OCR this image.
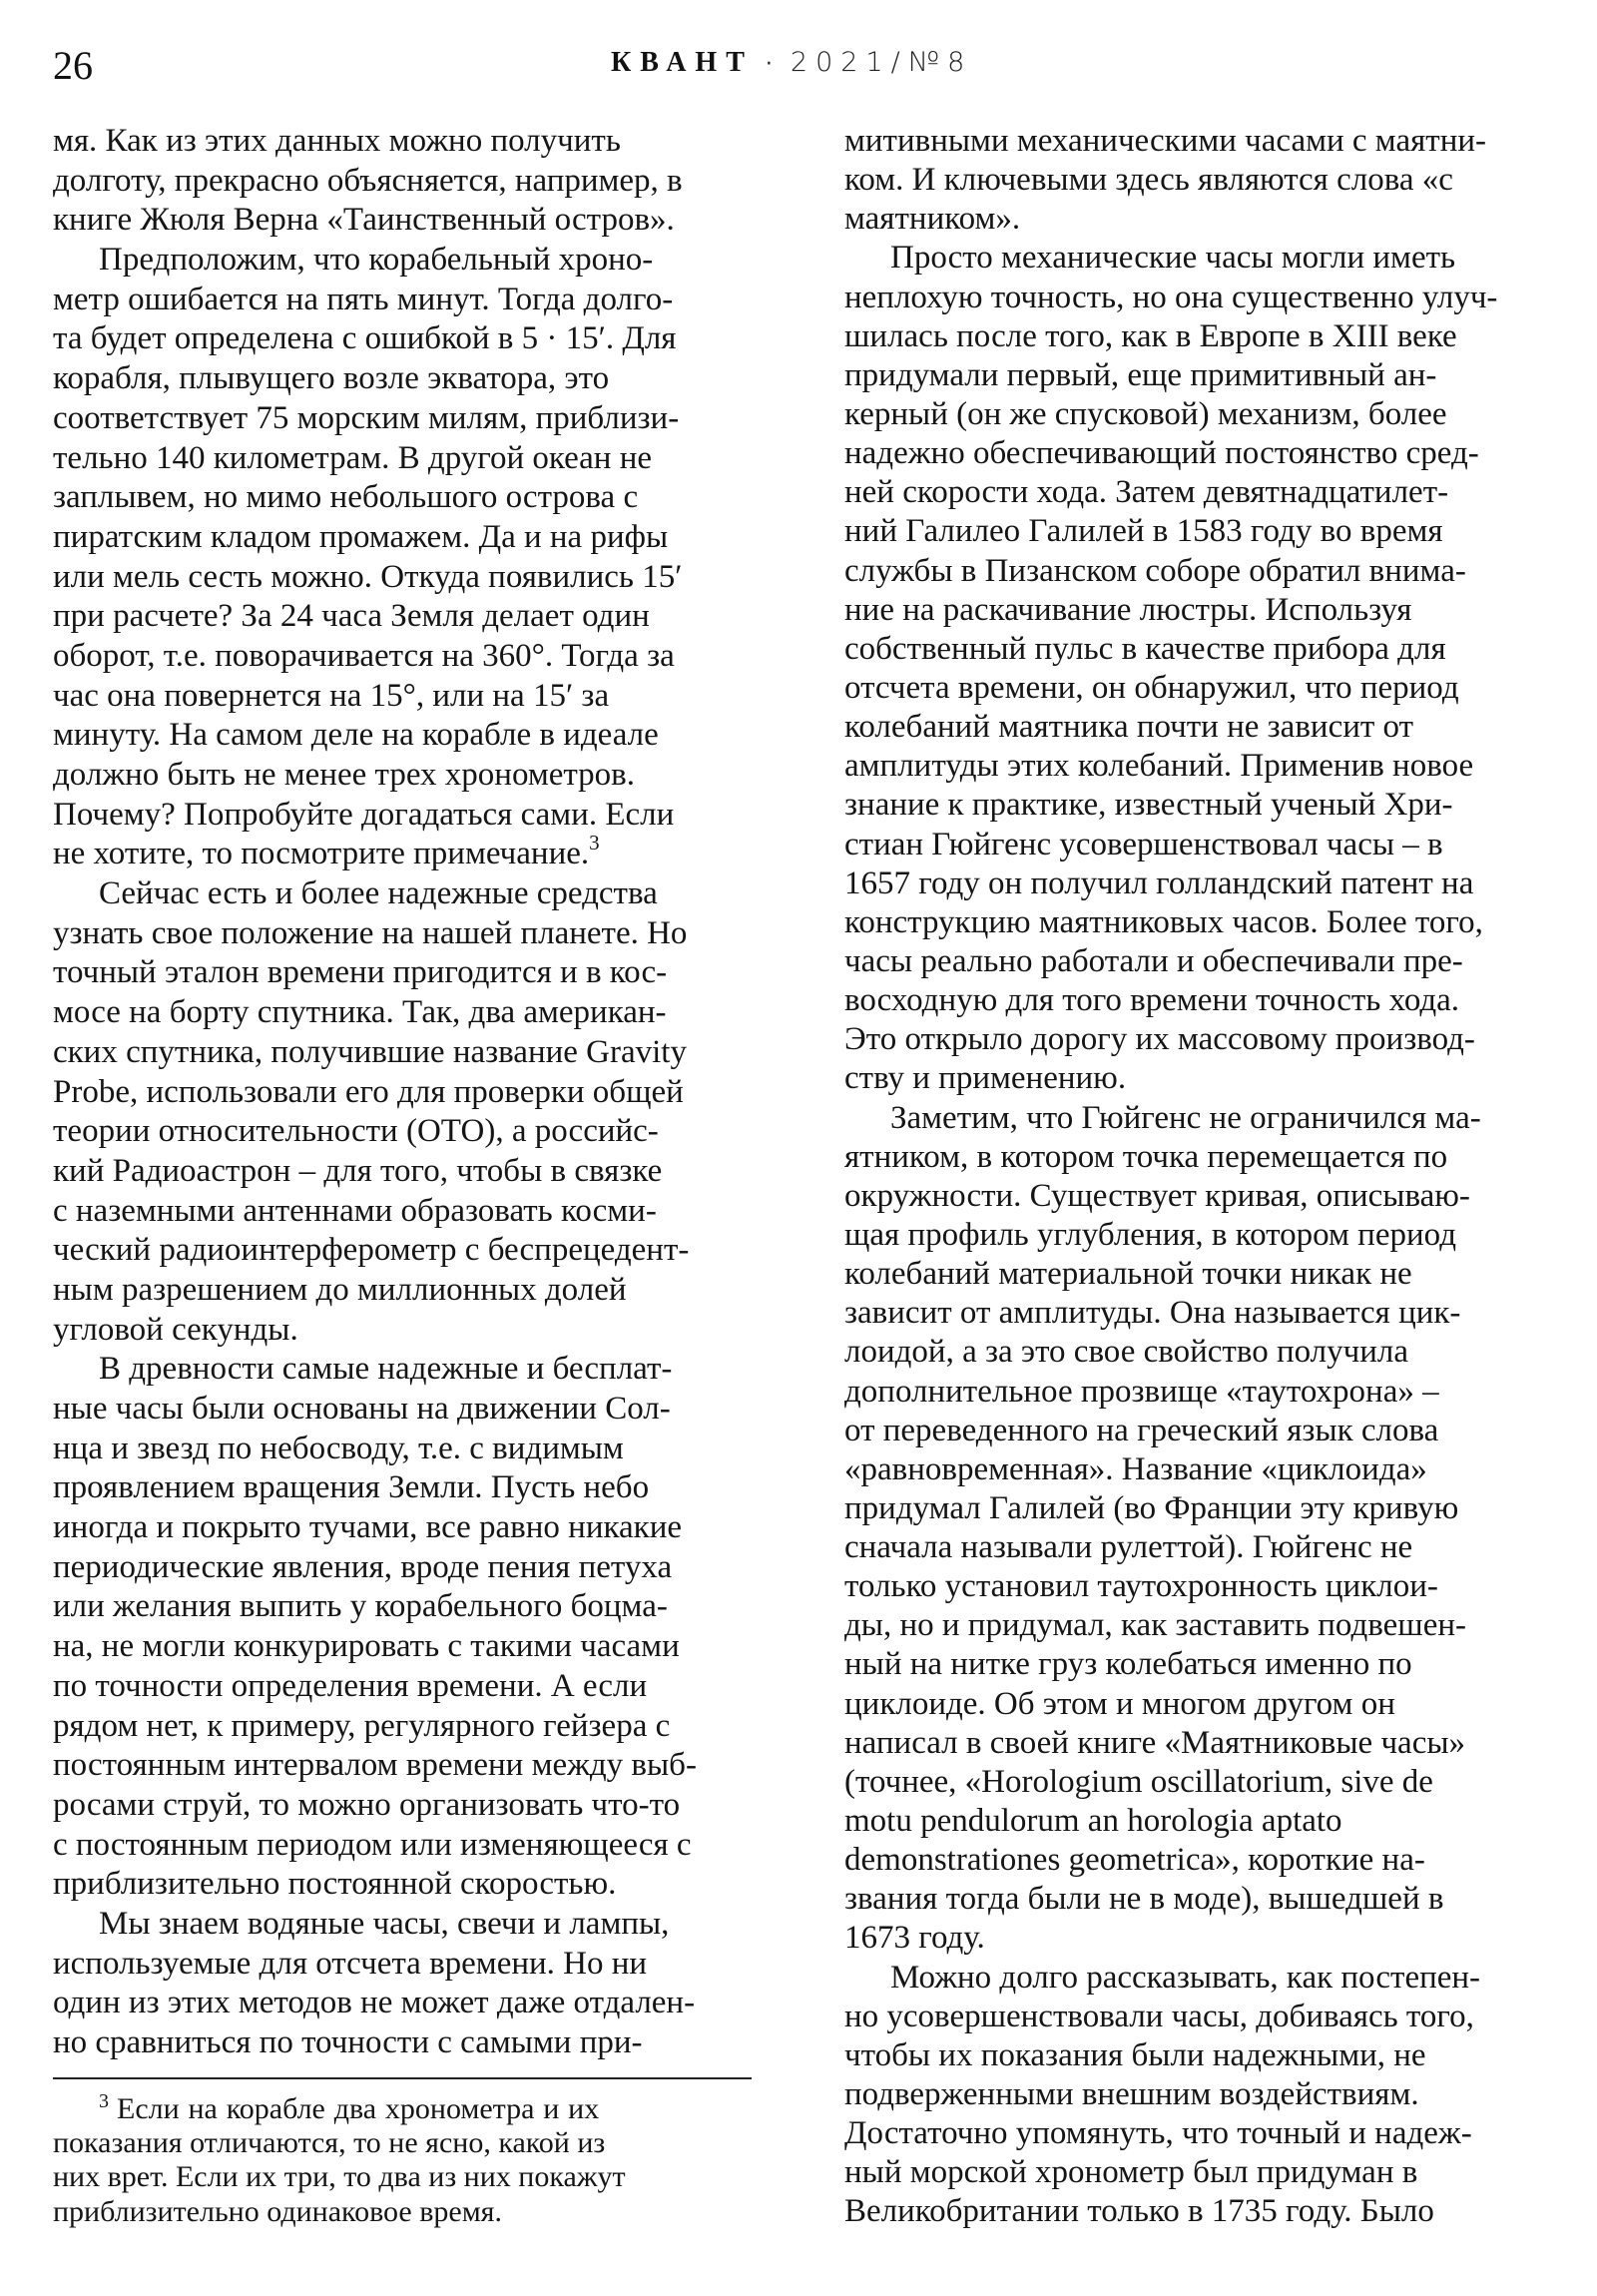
26	КВАНТ · 2021/№8
мя. Как из этих данных можно получить
долготу, прекрасно объясняется, например, в
книге Жюля Верна «Таинственный остров».
Предположим, что корабельный хроно-
метр ошибается на пять минут. Тогда долго-
та будет определена с ошибкой в 5 · 15′. Для
корабля, плывущего возле экватора, это
соответствует 75 морским милям, приблизи-
тельно 140 километрам. В другой океан не
заплывем, но мимо небольшого острова с
пиратским кладом промажем. Да и на рифы
или мель сесть можно. Откуда появились 15′
при расчете? За 24 часа Земля делает один
оборот, т.е. поворачивается на 360°. Тогда за
час она повернется на 15°, или на 15′ за
минуту. На самом деле на корабле в идеале
должно быть не менее трех хронометров.
Почему? Попробуйте догадаться сами. Если
не хотите, то посмотрите примечание.$^3$
Сейчас есть и более надежные средства
узнать свое положение на нашей планете. Но
точный эталон времени пригодится и в кос-
мосе на борту спутника. Так, два американ-
ских спутника, получившие название Gravity
Probe, использовали его для проверки общей
теории относительности (ОТО), а российс-
кий Радиоастрон – для того, чтобы в связке
с наземными антеннами образовать косми-
ческий радиоинтерферометр с беспрецедент-
ным разрешением до миллионных долей
угловой секунды.
В древности самые надежные и бесплат-
ные часы были основаны на движении Сол-
нца и звезд по небосводу, т.е. с видимым
проявлением вращения Земли. Пусть небо
иногда и покрыто тучами, все равно никакие
периодические явления, вроде пения петуха
или желания выпить у корабельного боцма-
на, не могли конкурировать с такими часами
по точности определения времени. А если
рядом нет, к примеру, регулярного гейзера с
постоянным интервалом времени между выб-
росами струй, то можно организовать что-то
с постоянным периодом или изменяющееся с
приблизительно постоянной скоростью.
Мы знаем водяные часы, свечи и лампы,
используемые для отсчета времени. Но ни
один из этих методов не может даже отдален-
но сравниться по точности с самыми при-
митивными механическими часами с маятни-
ком. И ключевыми здесь являются слова «с
маятником».
Просто механические часы могли иметь
неплохую точность, но она существенно улуч-
шилась после того, как в Европе в XIII веке
придумали первый, еще примитивный ан-
керный (он же спусковой) механизм, более
надежно обеспечивающий постоянство сред-
ней скорости хода. Затем девятнадцатилет-
ний Галилео Галилей в 1583 году во время
службы в Пизанском соборе обратил внима-
ние на раскачивание люстры. Используя
собственный пульс в качестве прибора для
отсчета времени, он обнаружил, что период
колебаний маятника почти не зависит от
амплитуды этих колебаний. Применив новое
знание к практике, известный ученый Хри-
стиан Гюйгенс усовершенствовал часы – в
1657 году он получил голландский патент на
конструкцию маятниковых часов. Более того,
часы реально работали и обеспечивали пре-
восходную для того времени точность хода.
Это открыло дорогу их массовому производ-
ству и применению.
Заметим, что Гюйгенс не ограничился ма-
ятником, в котором точка перемещается по
окружности. Существует кривая, описываю-
щая профиль углубления, в котором период
колебаний материальной точки никак не
зависит от амплитуды. Она называется цик-
лоидой, а за это свое свойство получила
дополнительное прозвище «таутохрона» –
от переведенного на греческий язык слова
«равновременная». Название «циклоида»
придумал Галилей (во Франции эту кривую
сначала называли рулеттой). Гюйгенс не
только установил таутохронность циклои-
ды, но и придумал, как заставить подвешен-
ный на нитке груз колебаться именно по
циклоиде. Об этом и многом другом он
написал в своей книге «Маятниковые часы»
(точнее, «Horologium oscillatorium, sive de
motu pendulorum an horologia aptato
demonstrationes geometrica», короткие на-
звания тогда были не в моде), вышедшей в
1673 году.
Можно долго рассказывать, как постепен-
но усовершенствовали часы, добиваясь того,
чтобы их показания были надежными, не
подверженными внешним воздействиям.
Достаточно упомянуть, что точный и надеж-
ный морской хронометр был придуман в
Великобритании только в 1735 году. Было
$^3$ Если на корабле два хронометра и их
показания отличаются, то не ясно, какой из
них врет. Если их три, то два из них покажут
приблизительно одинаковое время.
